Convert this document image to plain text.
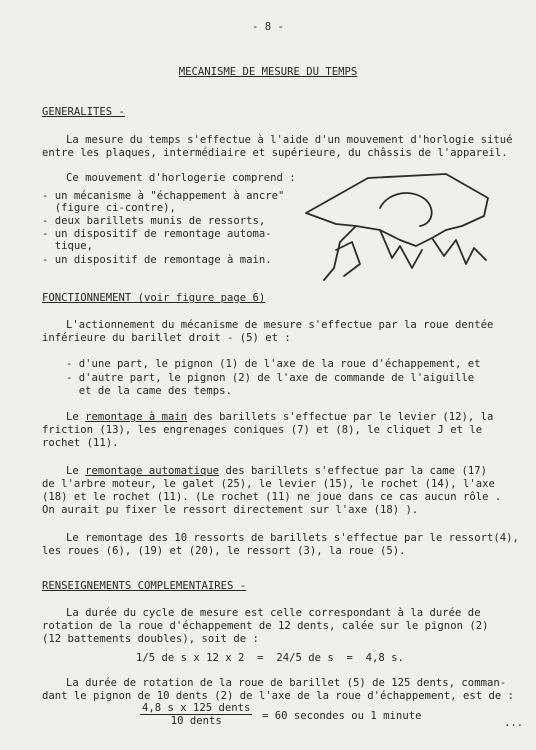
- 8 -
MECANISME DE MESURE DU TEMPS
GENERALITES -
La mesure du temps s'effectue à l'aide d'un mouvement d'horlogie situé
entre les plaques, intermédiaire et supérieure, du châssis de l'appareil.
Ce mouvement d'horlogerie comprend :
- un mécanisme à "échappement à ancre"
(figure ci-contre),
- deux barillets munis de ressorts,
- un dispositif de remontage automa-
tique,
- un dispositif de remontage à main.
FONCTIONNEMENT (voir figure page 6)
L'actionnement du mécanisme de mesure s'effectue par la roue dentée
inférieure du barillet droit - (5) et :
- d'une part, le pignon (1) de l'axe de la roue d'échappement, et
- d'autre part, le pignon (2) de l'axe de commande de l'aiguille
et de la came des temps.
Le remontage à main des barillets s'effectue par le levier (12), la
friction (13), les engrenages coniques (7) et (8), le cliquet J et le
rochet (11).
Le remontage automatique des barillets s'effectue par la came (17)
de l'arbre moteur, le galet (25), le levier (15), le rochet (14), l'axe
(18) et le rochet (11). (Le rochet (11) ne joue dans ce cas aucun rôle .
On aurait pu fixer le ressort directement sur l'axe (18) ).
Le remontage des 10 ressorts de barillets s'effectue par le ressort(4),
les roues (6), (19) et (20), le ressort (3), la roue (5).
RENSEIGNEMENTS COMPLEMENTAIRES -
La durée du cycle de mesure est celle correspondant à la durée de
rotation de la roue d'échappement de 12 dents, calée sur le pignon (2)
(12 battements doubles), soit de :
1/5 de s x 12 x 2  =  24/5 de s  =  4,8 s.
La durée de rotation de la roue de barillet (5) de 125 dents, comman-
dant le pignon de 10 dents (2) de l'axe de la roue d'échappement, est de :
4,8 s x 125 dents
10 dents	= 60 secondes ou 1 minute
...
